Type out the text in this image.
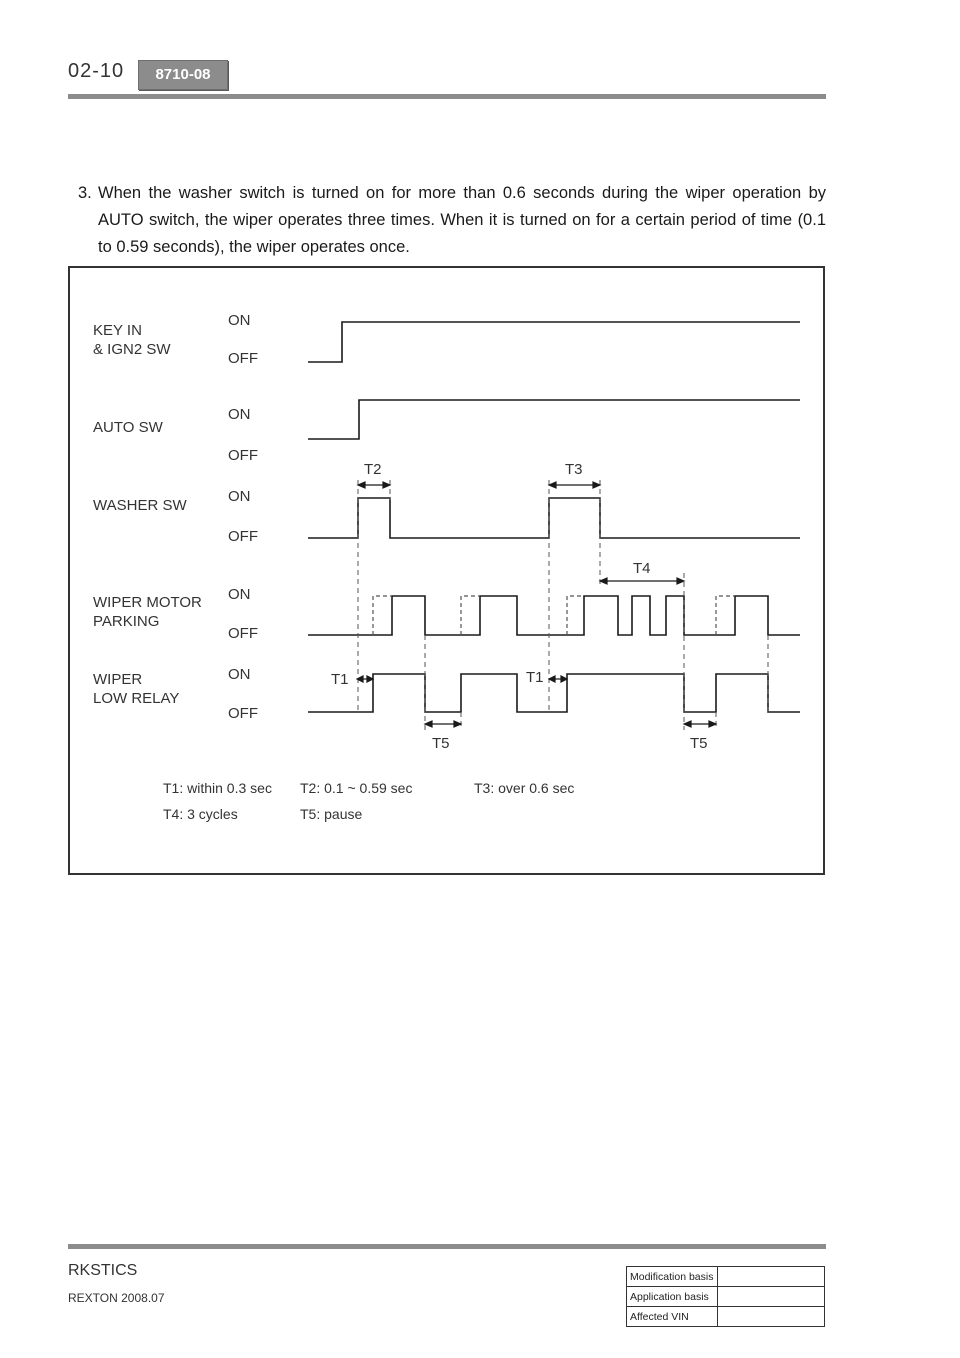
02-10	8710-08
3. When the washer switch is turned on for more than 0.6 seconds during the wiper operation by AUTO switch, the wiper operates three times. When it is turned on for a certain period of time (0.1 to 0.59 seconds), the wiper operates once.
KEY IN
& IGN2 SW
AUTO SW
WASHER SW
WIPER MOTOR
PARKING
WIPER
LOW RELAY
ON
OFF
ON
OFF
ON
OFF
ON
OFF
ON
OFF
T2	T3
T4
T1	T1
T5	T5
T1: within 0.3 sec T2: 0.1 ~ 0.59 sec	T3: over 0.6 sec
T4: 3 cycles	T5: pause
RKSTICS
REXTON 2008.07
Modification basis	
Application basis	
Affected VIN	
